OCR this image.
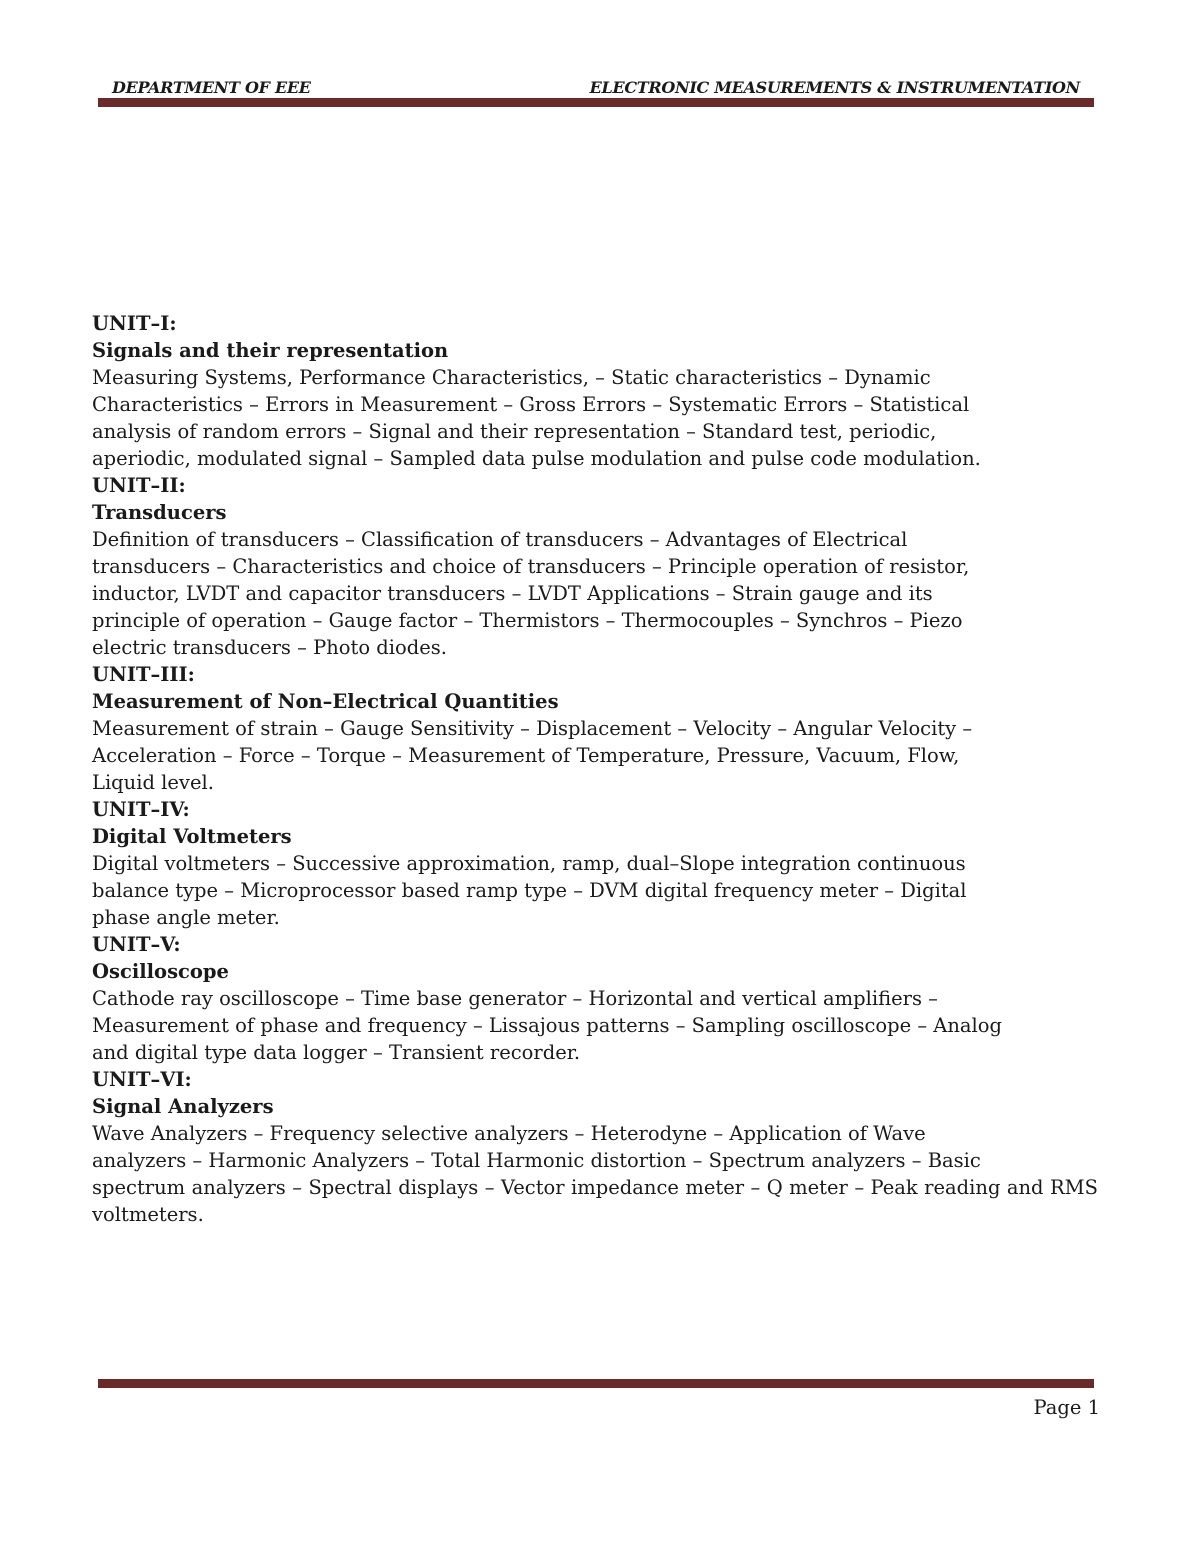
DEPARTMENT OF EEE	ELECTRONIC MEASUREMENTS & INSTRUMENTATION
UNIT–I:
Signals and their representation
Measuring Systems, Performance Characteristics, – Static characteristics – Dynamic
Characteristics – Errors in Measurement – Gross Errors – Systematic Errors – Statistical
analysis of random errors – Signal and their representation – Standard test, periodic,
aperiodic, modulated signal – Sampled data pulse modulation and pulse code modulation.
UNIT–II:
Transducers
Definition of transducers – Classification of transducers – Advantages of Electrical
transducers – Characteristics and choice of transducers – Principle operation of resistor,
inductor, LVDT and capacitor transducers – LVDT Applications – Strain gauge and its
principle of operation – Gauge factor – Thermistors – Thermocouples – Synchros – Piezo
electric transducers – Photo diodes.
UNIT–III:
Measurement of Non–Electrical Quantities
Measurement of strain – Gauge Sensitivity – Displacement – Velocity – Angular Velocity –
Acceleration – Force – Torque – Measurement of Temperature, Pressure, Vacuum, Flow,
Liquid level.
UNIT–IV:
Digital Voltmeters
Digital voltmeters – Successive approximation, ramp, dual–Slope integration continuous
balance type – Microprocessor based ramp type – DVM digital frequency meter – Digital
phase angle meter.
UNIT–V:
Oscilloscope
Cathode ray oscilloscope – Time base generator – Horizontal and vertical amplifiers –
Measurement of phase and frequency – Lissajous patterns – Sampling oscilloscope – Analog
and digital type data logger – Transient recorder.
UNIT–VI:
Signal Analyzers
Wave Analyzers – Frequency selective analyzers – Heterodyne – Application of Wave
analyzers – Harmonic Analyzers – Total Harmonic distortion – Spectrum analyzers – Basic
spectrum analyzers – Spectral displays – Vector impedance meter – Q meter – Peak reading and RMS
voltmeters.
Page 1
